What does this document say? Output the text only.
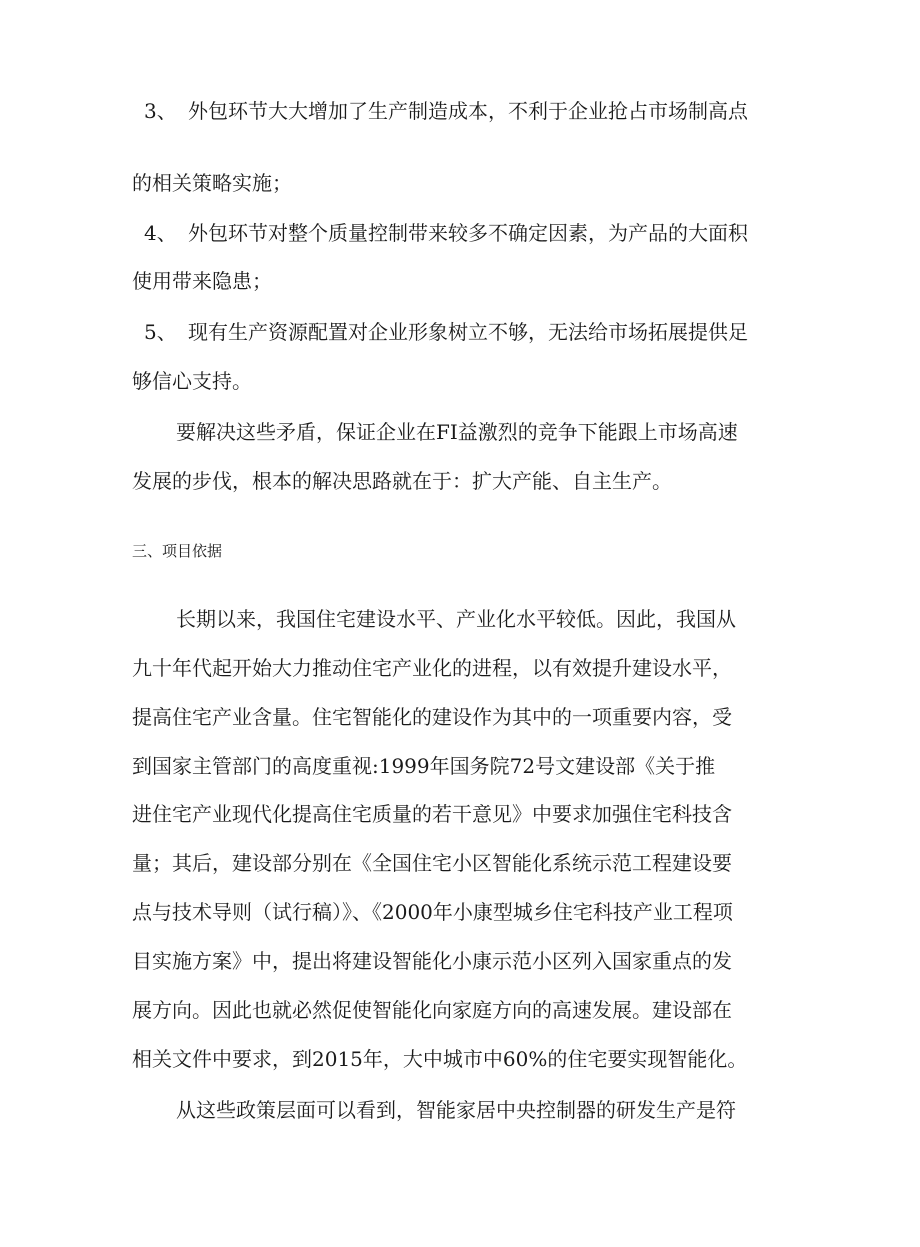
3、 外包环节大大增加了生产制造成本，不利于企业抢占市场制高点
的相关策略实施；
4、 外包环节对整个质量控制带来较多不确定因素，为产品的大面积
使用带来隐患；
5、 现有生产资源配置对企业形象树立不够，无法给市场拓展提供足
够信心支持。
要解决这些矛盾，保证企业在FI益激烈的竞争下能跟上市场高速
发展的步伐，根本的解决思路就在于：扩大产能、自主生产。
三、项目依据
长期以来，我国住宅建设水平、产业化水平较低。因此，我国从
九十年代起开始大力推动住宅产业化的进程，以有效提升建设水平，
提高住宅产业含量。住宅智能化的建设作为其中的一项重要内容，受
到国家主管部门的高度重视:1999年国务院72号文建设部《关于推
进住宅产业现代化提高住宅质量的若干意见》中要求加强住宅科技含
量；其后，建设部分别在《全国住宅小区智能化系统示范工程建设要
点与技术导则（试行稿）》、《2000年小康型城乡住宅科技产业工程项
目实施方案》中，提出将建设智能化小康示范小区列入国家重点的发
展方向。因此也就必然促使智能化向家庭方向的高速发展。建设部在
相关文件中要求，到2015年，大中城市中60%的住宅要实现智能化。
从这些政策层面可以看到，智能家居中央控制器的研发生产是符
